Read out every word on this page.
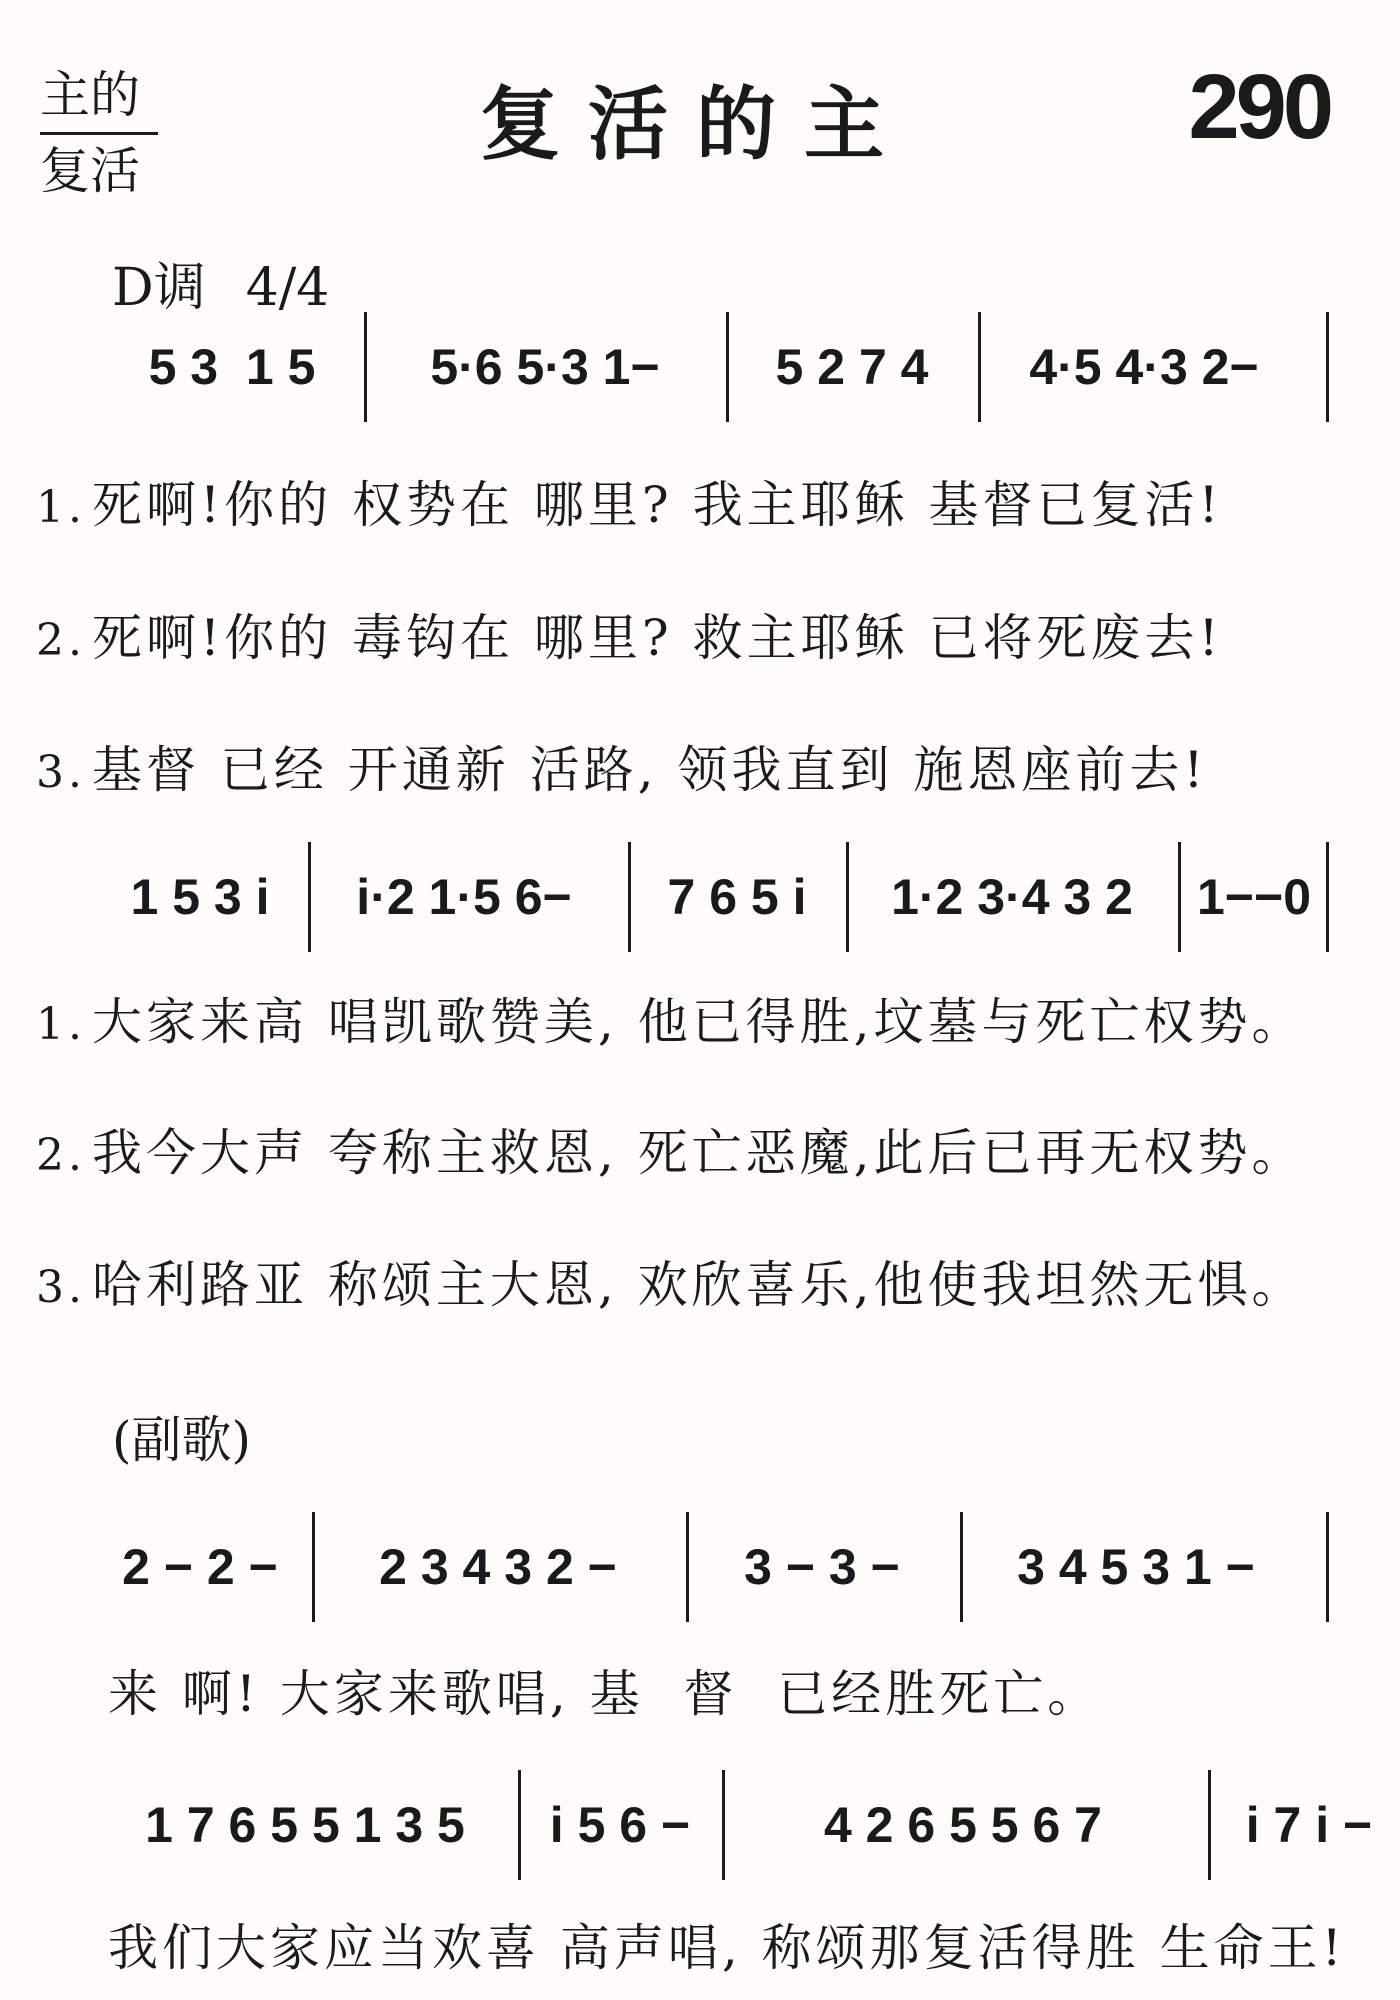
主的
复活	复活的主	290
D调 4/4
5 3  1 5 5·6 5·3 1− 5 2 7 4 4·5 4·3 2−
1. 死啊!你的 权势在 哪里? 我主耶稣 基督已复活!
2. 死啊!你的 毒钩在 哪里? 救主耶稣 已将死废去!
3. 基督 已经 开通新 活路, 领我直到 施恩座前去!
1 5 3 i i·2 1·5 6− 7 6 5 i 1·2 3·4 3 2 1−−0
1. 大家来高 唱凯歌赞美, 他已得胜,坟墓与死亡权势。
2. 我今大声 夸称主救恩, 死亡恶魔,此后已再无权势。
3. 哈利路亚 称颂主大恩, 欢欣喜乐,他使我坦然无惧。
(副歌)
2 − 2 − 2 3 4 3 2 −	3 − 3 − 3 4 5 3 1 −
来 啊! 大家来歌唱, 基  督  已经胜死亡。
1 7 6 5 5 1 3 5 i 5 6 −	4 2 6 5 5 6 7	i 7 i −
我们大家应当欢喜 高声唱, 称颂那复活得胜 生命王!
